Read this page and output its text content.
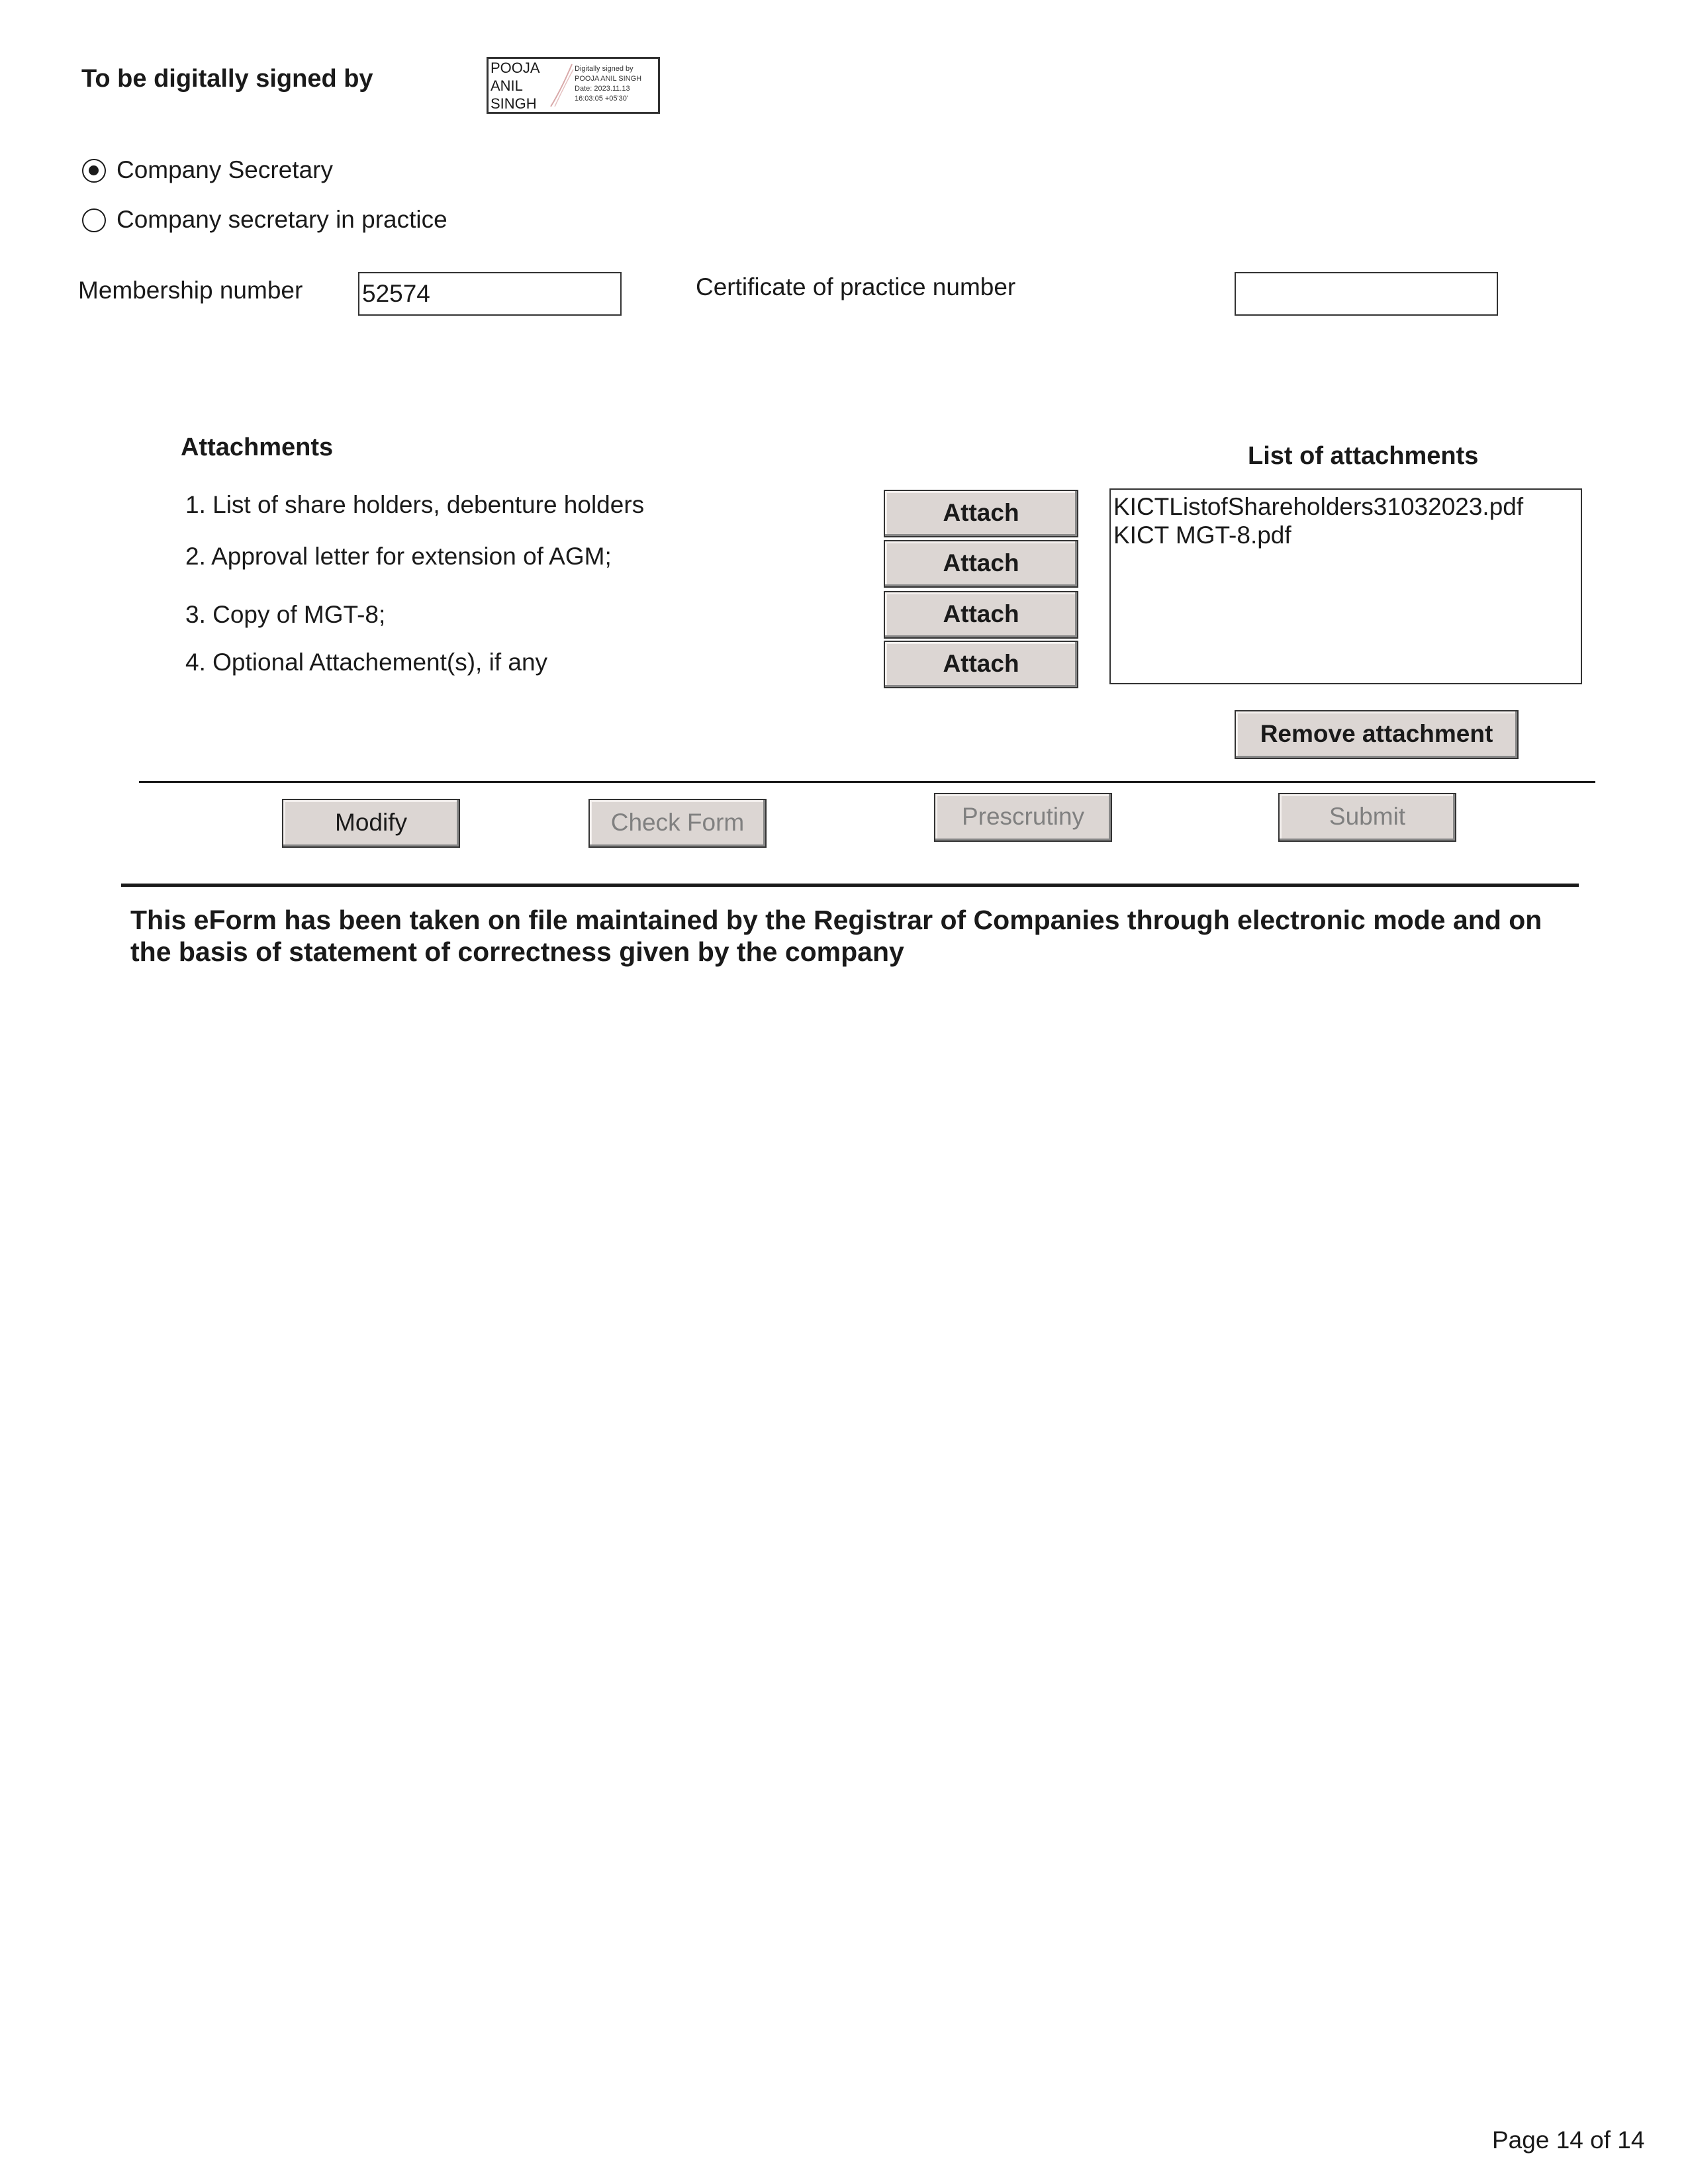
To be digitally signed by	POOJA
ANIL
SINGH
Digitally signed by
POOJA ANIL SINGH
Date: 2023.11.13
16:03:05 +05'30'
Company Secretary
Company secretary in practice
Membership number 52574	Certificate of practice number
Attachments	List of attachments
1. List of share holders, debenture holders
2. Approval letter for extension of AGM;
3. Copy of MGT-8;
4. Optional Attachement(s), if any
Attach
Attach
Attach
Attach
KICTListofShareholders31032023.pdf
KICT MGT-8.pdf
Remove attachment
Modify	Check Form	Prescrutiny	Submit
This eForm has been taken on file maintained by the Registrar of Companies through electronic mode and on the basis of statement of correctness given by the company
Page 14 of 14
